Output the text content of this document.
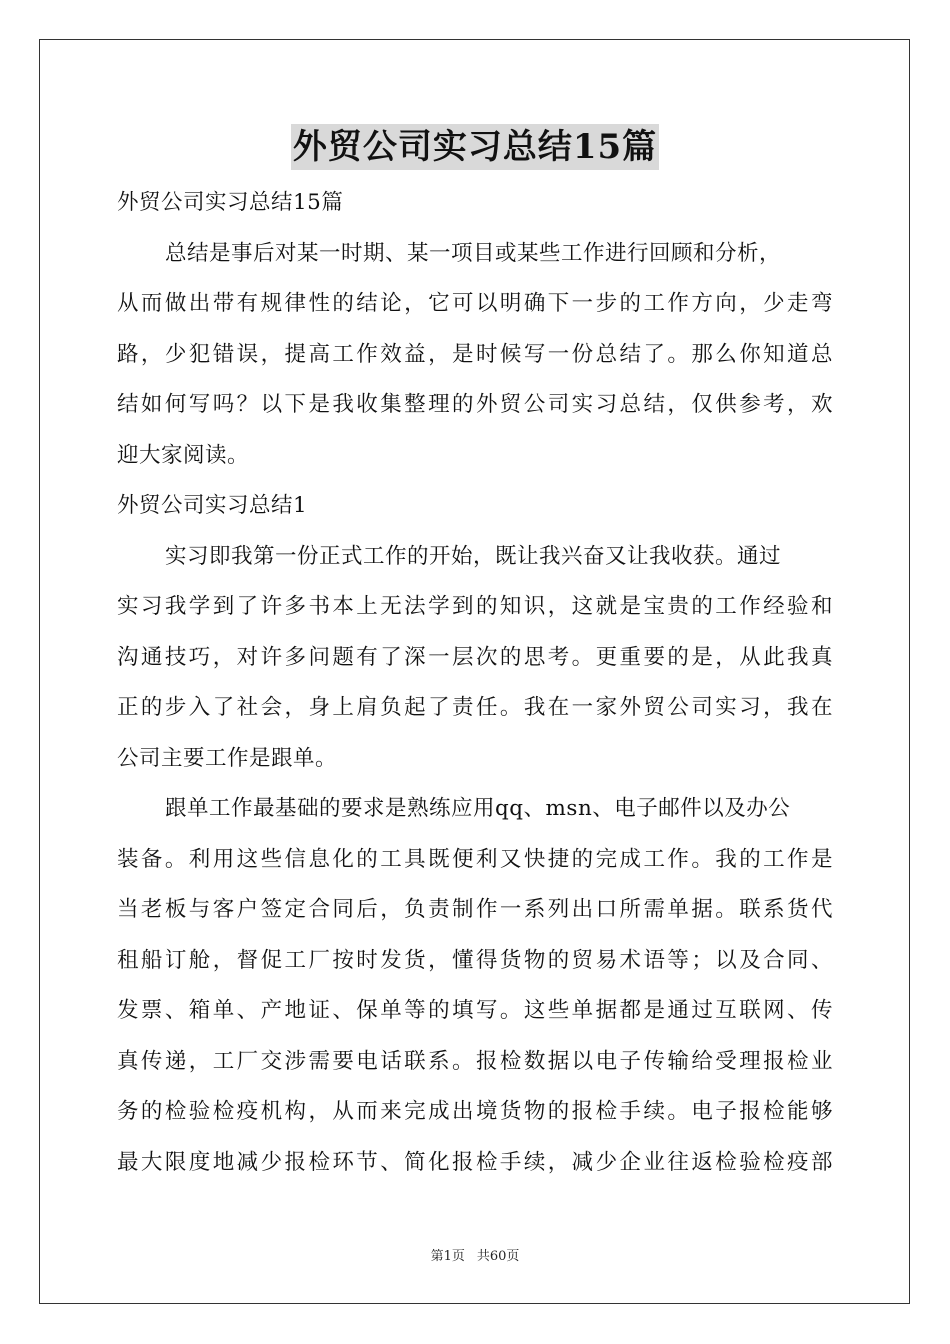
外贸公司实习总结15篇
外贸公司实习总结15篇
总结是事后对某一时期、某一项目或某些工作进行回顾和分析，
从而做出带有规律性的结论，它可以明确下一步的工作方向，少走弯
路，少犯错误，提高工作效益，是时候写一份总结了。那么你知道总
结如何写吗？以下是我收集整理的外贸公司实习总结，仅供参考，欢
迎大家阅读。
外贸公司实习总结1
实习即我第一份正式工作的开始，既让我兴奋又让我收获。通过
实习我学到了许多书本上无法学到的知识，这就是宝贵的工作经验和
沟通技巧，对许多问题有了深一层次的思考。更重要的是，从此我真
正的步入了社会，身上肩负起了责任。我在一家外贸公司实习，我在
公司主要工作是跟单。
跟单工作最基础的要求是熟练应用qq、msn、电子邮件以及办公
装备。利用这些信息化的工具既便利又快捷的完成工作。我的工作是
当老板与客户签定合同后，负责制作一系列出口所需单据。联系货代
租船订舱，督促工厂按时发货，懂得货物的贸易术语等；以及合同、
发票、箱单、产地证、保单等的填写。这些单据都是通过互联网、传
真传递，工厂交涉需要电话联系。报检数据以电子传输给受理报检业
务的检验检疫机构，从而来完成出境货物的报检手续。电子报检能够
最大限度地减少报检环节、简化报检手续，减少企业往返检验检疫部
第1页 共60页
